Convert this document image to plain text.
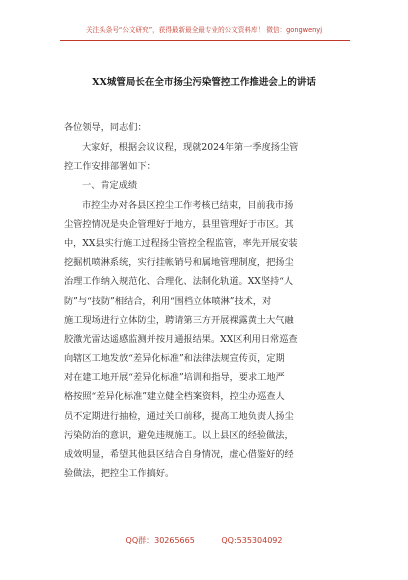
关注头条号“公文研究”，获得最新最全最专业的公文资料库！ 微信：gongwenyj
XX城管局长在全市扬尘污染管控工作推进会上的讲话
各位领导，同志们：
大家好，根据会议议程，现就2024年第一季度扬尘管
控工作安排部署如下：
一、肯定成绩
市控尘办对各县区控尘工作考核已结束，目前我市扬
尘管控情况是央企管理好于地方，县里管理好于市区。其
中，XX县实行施工过程扬尘管控全程监管，率先开展安装
挖掘机喷淋系统，实行挂帐销号和属地管理制度，把扬尘
治理工作纳入规范化、合理化、法制化轨道。XX坚持“人
防”与“技防”相结合，利用“围档立体喷淋”技术，对
施工现场进行立体防尘，聘请第三方开展裸露黄土大气融
胶激光雷达遥感监测并按月通报结果。XX区利用日常巡查
向辖区工地发放“差异化标准”和法律法规宣传页，定期
对在建工地开展“差异化标准”培训和指导，要求工地严
格按照“差异化标准”建立健全档案资料，控尘办巡查人
员不定期进行抽检，通过关口前移，提高工地负责人扬尘
污染防治的意识，避免违规施工。以上县区的经验做法，
成效明显，希望其他县区结合自身情况，虚心借鉴好的经
验做法，把控尘工作搞好。
QQ群：30265665	QQ:535304092
